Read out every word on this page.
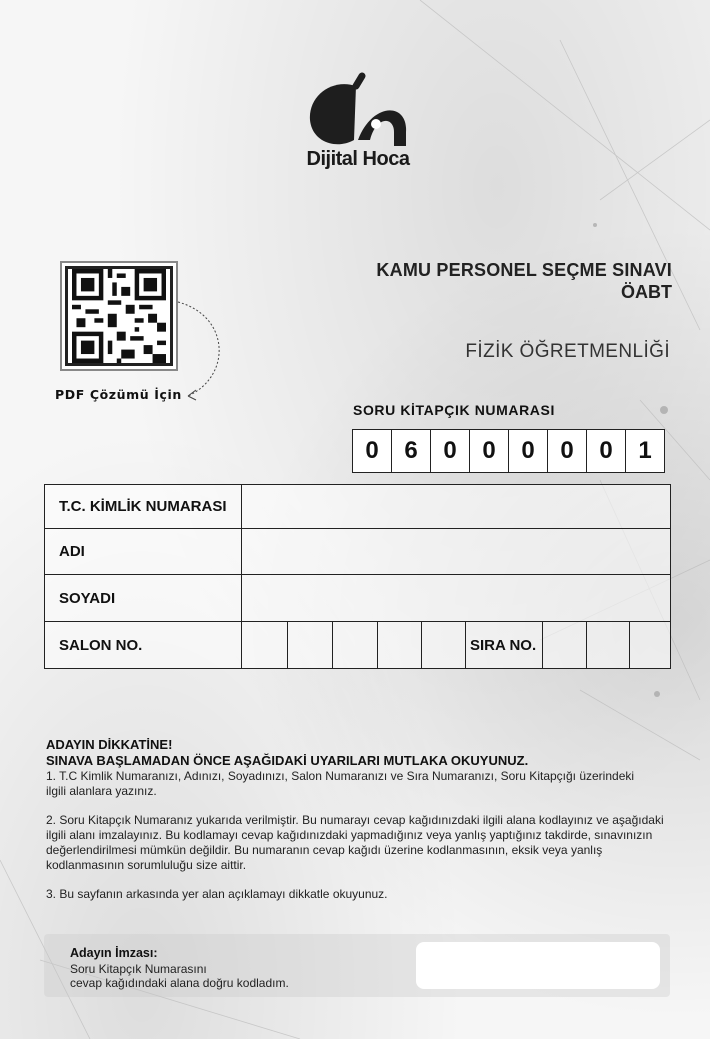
Dijital Hoca
PDF Çözümü İçin
KAMU PERSONEL SEÇME SINAVI
ÖABT
FİZİK ÖĞRETMENLİĞİ
SORU KİTAPÇIK NUMARASI
0	6	0	0	0	0	0	1
T.C. KİMLİK NUMARASI
ADI
SOYADI
SALON NO.	SIRA NO.
ADAYIN DİKKATİNE!
SINAVA BAŞLAMADAN ÖNCE AŞAĞIDAKİ UYARILARI MUTLAKA OKUYUNUZ.
1. T.C Kimlik Numaranızı, Adınızı, Soyadınızı, Salon Numaranızı ve Sıra Numaranızı, Soru Kitapçığı üzerindeki ilgili alanlara yazınız.
2. Soru Kitapçık Numaranız yukarıda verilmiştir. Bu numarayı cevap kağıdınızdaki ilgili alana kodlayınız ve aşağıdaki ilgili alanı imzalayınız. Bu kodlamayı cevap kağıdınızdaki yapmadığınız veya yanlış yaptığınız takdirde, sınavınızın değerlendirilmesi mümkün değildir. Bu numaranın cevap kağıdı üzerine kodlanmasının, eksik veya yanlış kodlanmasının sorumluluğu size aittir.
3. Bu sayfanın arkasında yer alan açıklamayı dikkatle okuyunuz.
Adayın İmzası:
Soru Kitapçık Numarasını
cevap kağıdındaki alana doğru kodladım.
